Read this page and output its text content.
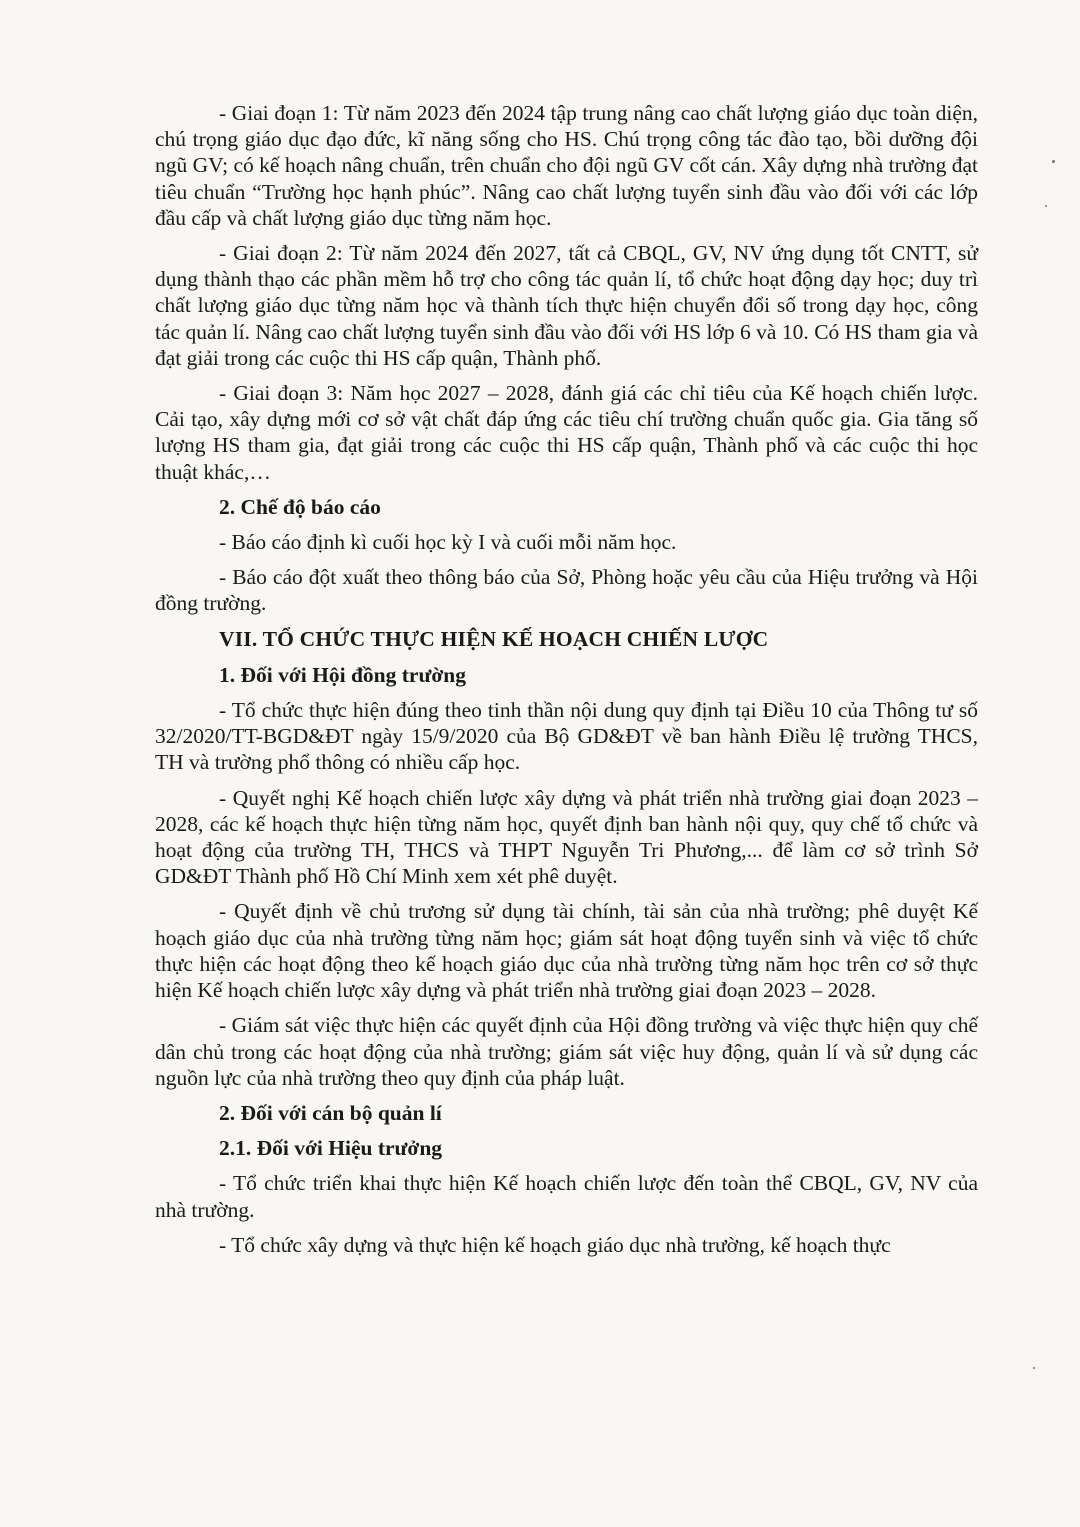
- Giai đoạn 1: Từ năm 2023 đến 2024 tập trung nâng cao chất lượng giáo dục toàn diện, chú trọng giáo dục đạo đức, kĩ năng sống cho HS. Chú trọng công tác đào tạo, bồi dưỡng đội ngũ GV; có kế hoạch nâng chuẩn, trên chuẩn cho đội ngũ GV cốt cán. Xây dựng nhà trường đạt tiêu chuẩn “Trường học hạnh phúc”. Nâng cao chất lượng tuyển sinh đầu vào đối với các lớp đầu cấp và chất lượng giáo dục từng năm học.

- Giai đoạn 2: Từ năm 2024 đến 2027, tất cả CBQL, GV, NV ứng dụng tốt CNTT, sử dụng thành thạo các phần mềm hỗ trợ cho công tác quản lí, tổ chức hoạt động dạy học; duy trì chất lượng giáo dục từng năm học và thành tích thực hiện chuyển đổi số trong dạy học, công tác quản lí. Nâng cao chất lượng tuyển sinh đầu vào đối với HS lớp 6 và 10. Có HS tham gia và đạt giải trong các cuộc thi HS cấp quận, Thành phố.

- Giai đoạn 3: Năm học 2027 – 2028, đánh giá các chỉ tiêu của Kế hoạch chiến lược. Cải tạo, xây dựng mới cơ sở vật chất đáp ứng các tiêu chí trường chuẩn quốc gia. Gia tăng số lượng HS tham gia, đạt giải trong các cuộc thi HS cấp quận, Thành phố và các cuộc thi học thuật khác,…

2. Chế độ báo cáo

- Báo cáo định kì cuối học kỳ I và cuối mỗi năm học.

- Báo cáo đột xuất theo thông báo của Sở, Phòng hoặc yêu cầu của Hiệu trưởng và Hội đồng trường.

VII. TỔ CHỨC THỰC HIỆN KẾ HOẠCH CHIẾN LƯỢC

1. Đối với Hội đồng trường

- Tổ chức thực hiện đúng theo tinh thần nội dung quy định tại Điều 10 của Thông tư số 32/2020/TT-BGD&ĐT ngày 15/9/2020 của Bộ GD&ĐT về ban hành Điều lệ trường THCS, TH và trường phổ thông có nhiều cấp học.

- Quyết nghị Kế hoạch chiến lược xây dựng và phát triển nhà trường giai đoạn 2023 – 2028, các kế hoạch thực hiện từng năm học, quyết định ban hành nội quy, quy chế tổ chức và hoạt động của trường TH, THCS và THPT Nguyễn Tri Phương,... để làm cơ sở trình Sở GD&ĐT Thành phố Hồ Chí Minh xem xét phê duyệt.

- Quyết định về chủ trương sử dụng tài chính, tài sản của nhà trường; phê duyệt Kế hoạch giáo dục của nhà trường từng năm học; giám sát hoạt động tuyển sinh và việc tổ chức thực hiện các hoạt động theo kế hoạch giáo dục của nhà trường từng năm học trên cơ sở thực hiện Kế hoạch chiến lược xây dựng và phát triển nhà trường giai đoạn 2023 – 2028.

- Giám sát việc thực hiện các quyết định của Hội đồng trường và việc thực hiện quy chế dân chủ trong các hoạt động của nhà trường; giám sát việc huy động, quản lí và sử dụng các nguồn lực của nhà trường theo quy định của pháp luật.

2. Đối với cán bộ quản lí

2.1. Đối với Hiệu trưởng

- Tổ chức triển khai thực hiện Kế hoạch chiến lược đến toàn thể CBQL, GV, NV của nhà trường.

- Tổ chức xây dựng và thực hiện kế hoạch giáo dục nhà trường, kế hoạch thực
